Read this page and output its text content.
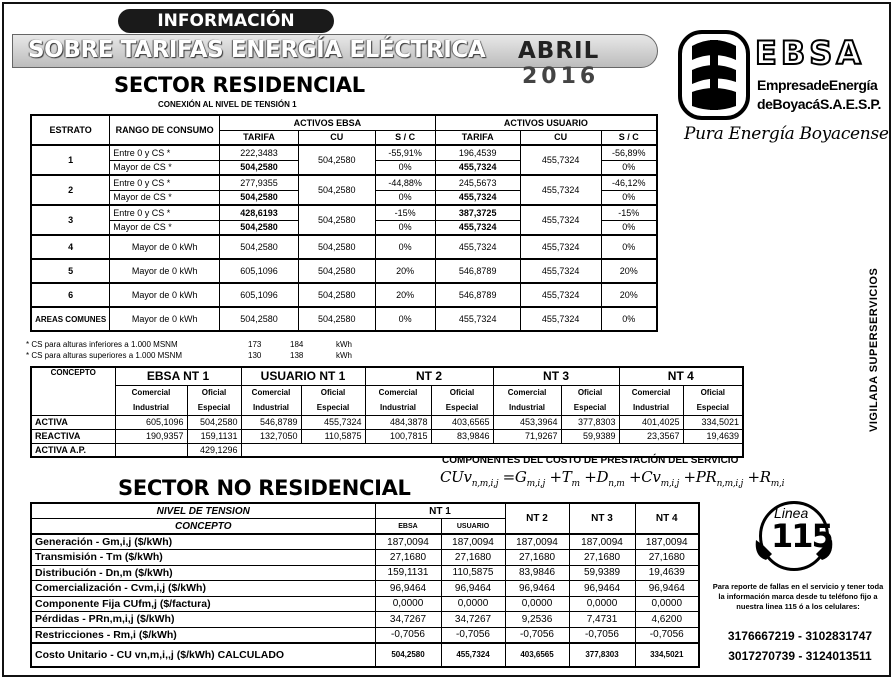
INFORMACIÓN
SOBRE TARIFAS ENERGÍA ELÉCTRICA ABRIL
2016
EBSA
EmpresadeEnergía
deBoyacáS.A.E.S.P.
Pura Energía Boyacense
VIGILADA SUPERSERVICIOS
SECTOR RESIDENCIAL
CONEXIÓN AL NIVEL DE TENSIÓN 1
ESTRATO	RANGO DE CONSUMO	ACTIVOS EBSA			ACTIVOS USUARIO		
		TARIFA	CU	S / C	TARIFA	CU	S / C
1	Entre 0 y CS *	222,3483	504,2580	-55,91%	196,4539	455,7324	-56,89%
	Mayor de CS *	504,2580		0%	455,7324		0%
2	Entre 0 y CS *	277,9355	504,2580	-44,88%	245,5673	455,7324	-46,12%
	Mayor de CS *	504,2580		0%	455,7324		0%
3	Entre 0 y CS *	428,6193	504,2580	-15%	387,3725	455,7324	-15%
	Mayor de CS *	504,2580		0%	455,7324		0%
4	Mayor de 0 kWh	504,2580	504,2580	0%	455,7324	455,7324	0%
5	Mayor de 0 kWh	605,1096	504,2580	20%	546,8789	455,7324	20%
6	Mayor de 0 kWh	605,1096	504,2580	20%	546,8789	455,7324	20%
AREAS COMUNES	Mayor de 0 kWh	504,2580	504,2580	0%	455,7324	455,7324	0%
* CS para alturas inferiores a 1.000 MSNM	173	184	kWh
* CS para alturas superiores a 1.000 MSNM	130	138	kWh
CONCEPTO	EBSA NT 1		USUARIO NT 1		NT 2		NT 3		NT 4	
	Comercial	Oficial	Comercial	Oficial	Comercial	Oficial	Comercial	Oficial	Comercial	Oficial
	Industrial	Especial	Industrial	Especial	Industrial	Especial	Industrial	Especial	Industrial	Especial
ACTIVA	605,1096	504,2580	546,8789	455,7324	484,3878	403,6565	453,3964	377,8303	401,4025	334,5021
REACTIVA	190,9357	159,1131	132,7050	110,5875	100,7815	83,9846	71,9267	59,9389	23,3567	19,4639
ACTIVA A.P.		429,1296								
COMPONENTES DEL COSTO DE PRESTACIÓN DEL SERVICIO
$CUv_{n,m,i,j} =G_{m,i,j} +T_m +D_{n,m} +Cv_{m,i,j} +PR_{n,m,i,j} +R_{m,i}$
SECTOR NO RESIDENCIAL
NIVEL DE TENSION	NT 1		NT 2	NT 3	NT 4
CONCEPTO	EBSA	USUARIO			
Generación - Gm,i,j ($/kWh)	187,0094	187,0094	187,0094	187,0094	187,0094
Transmisión - Tm ($/kWh)	27,1680	27,1680	27,1680	27,1680	27,1680
Distribución - Dn,m ($/kWh)	159,1131	110,5875	83,9846	59,9389	19,4639
Comercialización - Cvm,i,j ($/kWh)	96,9464	96,9464	96,9464	96,9464	96,9464
Componente Fija CUfm,j ($/factura)	0,0000	0,0000	0,0000	0,0000	0,0000
Pérdidas - PRn,m,i,j ($/kWh)	34,7267	34,7267	9,2536	7,4731	4,6200
Restricciones - Rm,i ($/kWh)	-0,7056	-0,7056	-0,7056	-0,7056	-0,7056
Costo Unitario - CU vn,m,i,,j ($/kWh) CALCULADO	504,2580	455,7324	403,6565	377,8303	334,5021
Linea
115
Para reporte de fallas en el servicio y tener toda la información marca desde tu teléfono fijo a nuestra linea 115 ó a los celulares:
3176667219 - 3102831747
3017270739 - 3124013511
